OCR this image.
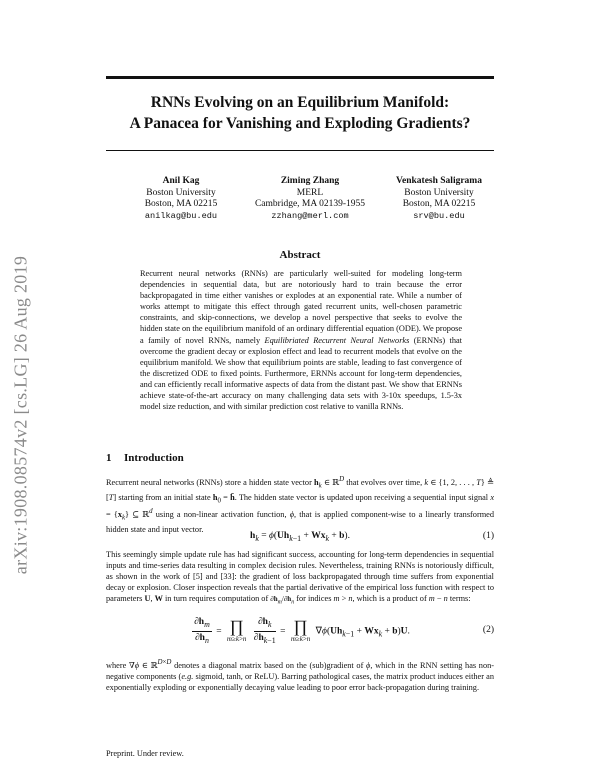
arXiv:1908.08574v2 [cs.LG] 26 Aug 2019
RNNs Evolving on an Equilibrium Manifold:
A Panacea for Vanishing and Exploding Gradients?
Anil Kag
Boston University
Boston, MA 02215
anilkag@bu.edu
Ziming Zhang
MERL
Cambridge, MA 02139-1955
zzhang@merl.com
Venkatesh Saligrama
Boston University
Boston, MA 02215
srv@bu.edu
Abstract
Recurrent neural networks (RNNs) are particularly well-suited for modeling long-term dependencies in sequential data, but are notoriously hard to train because the error backpropagated in time either vanishes or explodes at an exponential rate. While a number of works attempt to mitigate this effect through gated recurrent units, well-chosen parametric constraints, and skip-connections, we develop a novel perspective that seeks to evolve the hidden state on the equilibrium manifold of an ordinary differential equation (ODE). We propose a family of novel RNNs, namely Equilibriated Recurrent Neural Networks (ERNNs) that overcome the gradient decay or explosion effect and lead to recurrent models that evolve on the equilibrium manifold. We show that equilibrium points are stable, leading to fast convergence of the discretized ODE to fixed points. Furthermore, ERNNs account for long-term dependencies, and can efficiently recall informative aspects of data from the distant past. We show that ERNNs achieve state-of-the-art accuracy on many challenging data sets with 3-10x speedups, 1.5-3x model size reduction, and with similar prediction cost relative to vanilla RNNs.
1 Introduction
Recurrent neural networks (RNNs) store a hidden state vector $h_k$ ∈ ℝ$^D$ that evolves over time, k ∈ {1, 2, . . . , T} ≜ [T] starting from an initial state $h_0$ = h̄. The hidden state vector is updated upon receiving a sequential input signal $x = \{x_k\}$ ⊆ ℝ$^d$ using a non-linear activation function, ϕ, that is applied component-wise to a linearly transformed hidden state and input vector.
$h_k = \phi(Uh_{k-1} + Wx_k + b)$.	(1)
This seemingly simple update rule has had significant success, accounting for long-term dependencies in sequential inputs and time-series data resulting in complex decision rules. Nevertheless, training RNNs is notoriously difficult, as shown in the work of [5] and [33]: the gradient of loss backpropagated through time suffers from exponential decay or explosion. Closer inspection reveals that the partial derivative of the empirical loss function with respect to parameters U, W in turn requires computation of $\partial h_m/\partial h_n$ for indices m > n, which is a product of m − n terms:
$\frac{\partial h_m}{\partial h_n}$ = ∏
m≥k>n
$\frac{\partial h_k}{\partial h_{k-1}}$ = ∏
m≥k>n
$\nabla\phi(Uh_{k-1} + Wx_k + b)U$.	(2)
where ∇ϕ ∈ ℝ$^{D\times D}$ denotes a diagonal matrix based on the (sub)gradient of ϕ, which in the RNN setting has non-negative components (e.g. sigmoid, tanh, or ReLU). Barring pathological cases, the matrix product induces either an exponentially exploding or exponentially decaying value leading to poor error back-propagation during training.
Preprint. Under review.
